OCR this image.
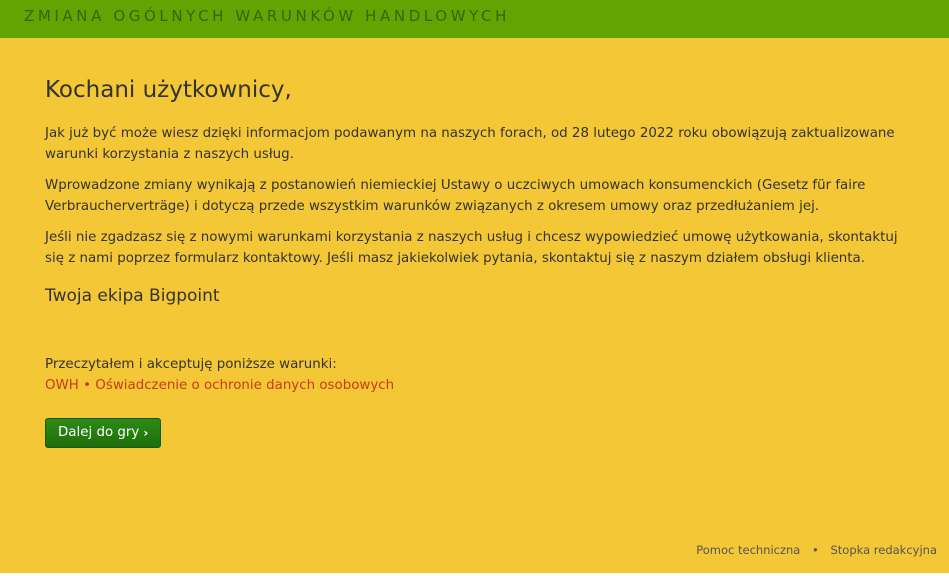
ZMIANA OGÓLNYCH WARUNKÓW HANDLOWYCH
Kochani użytkownicy,

Jak już być może wiesz dzięki informacjom podawanym na naszych forach, od 28 lutego 2022 roku obowiązują zaktualizowane warunki korzystania z naszych usług.

Wprowadzone zmiany wynikają z postanowień niemieckiej Ustawy o uczciwych umowach konsumenckich (Gesetz für faire Verbraucherverträge) i dotyczą przede wszystkim warunków związanych z okresem umowy oraz przedłużaniem jej.

Jeśli nie zgadzasz się z nowymi warunkami korzystania z naszych usług i chcesz wypowiedzieć umowę użytkowania, skontaktuj się z nami poprzez formularz kontaktowy. Jeśli masz jakiekolwiek pytania, skontaktuj się z naszym działem obsługi klienta.

Twoja ekipa Bigpoint
Przeczytałem i akceptuję poniższe warunki:
OWH • Oświadczenie o ochronie danych osobowych
Dalej do gry ›
Pomoc techniczna • Stopka redakcyjna
